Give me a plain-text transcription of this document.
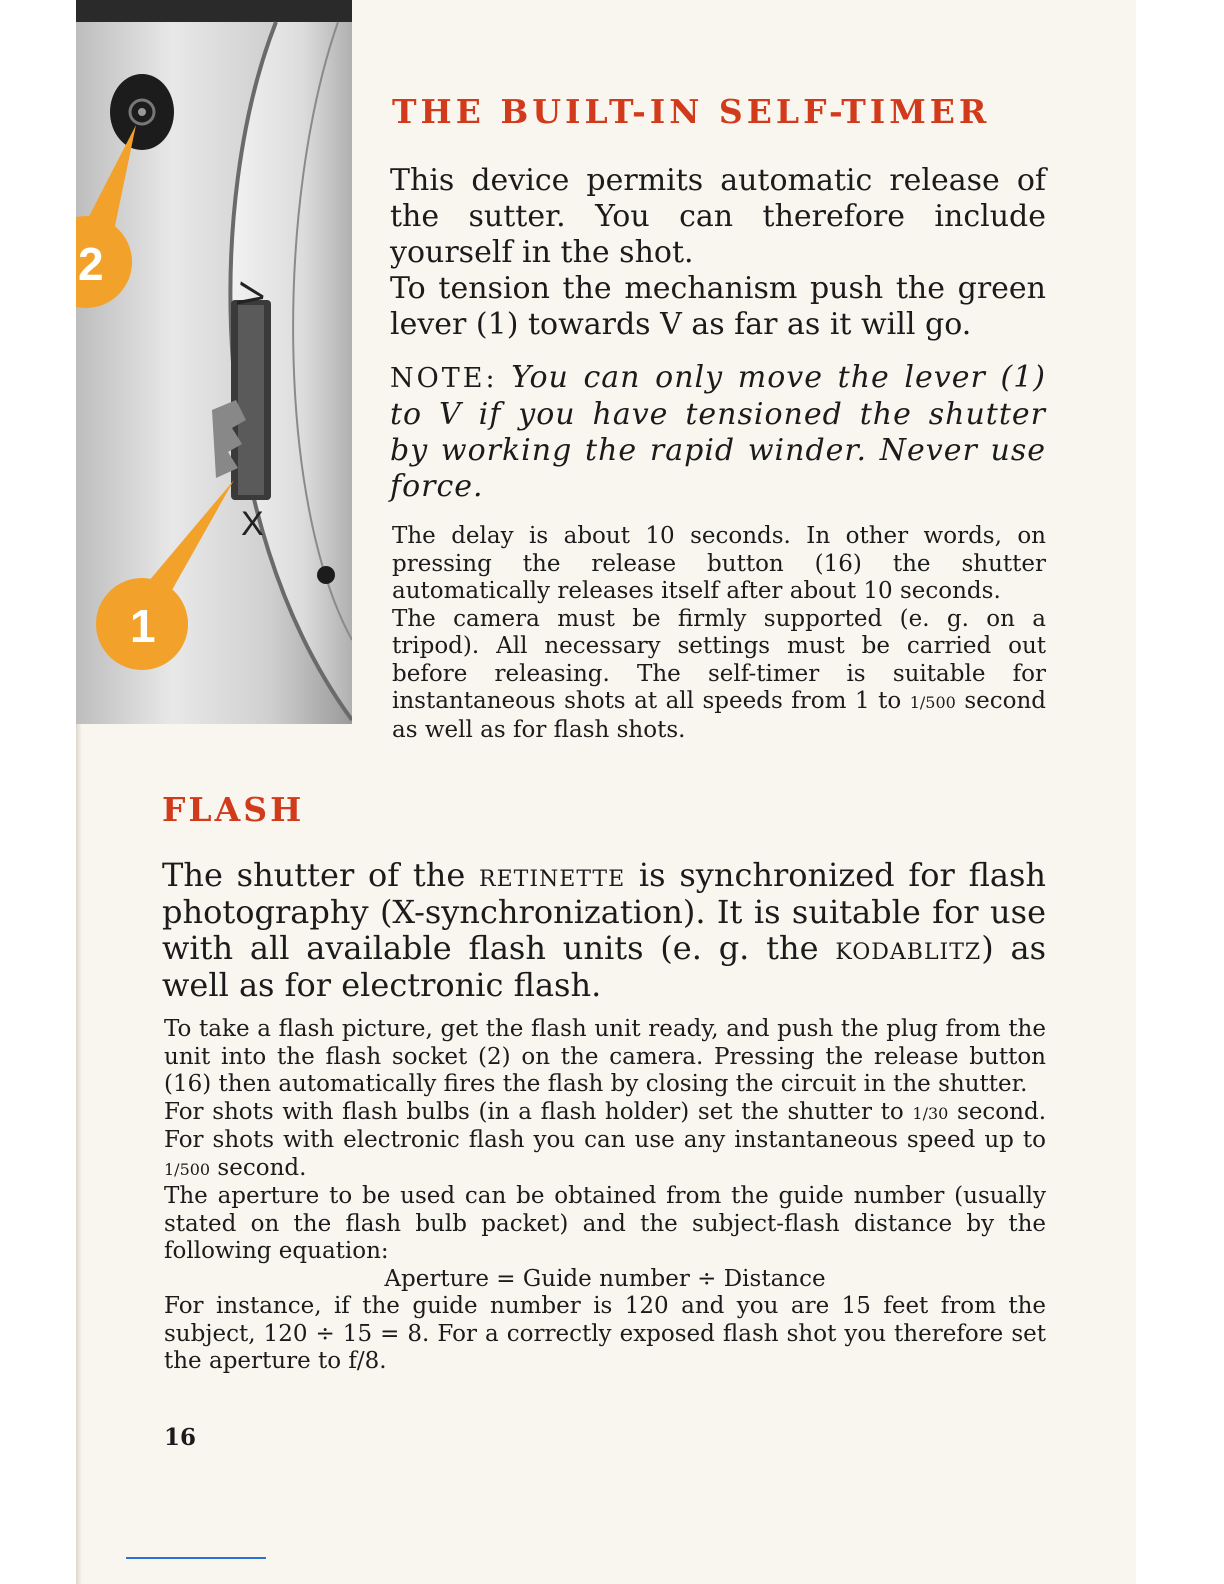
V
X
2
1
THE BUILT-IN SELF-TIMER

This device permits automatic release of the sutter. You can therefore include yourself in the shot.

To tension the mechanism push the green lever (1) towards V as far as it will go.

NOTE: You can only move the lever (1) to V if you have tensioned the shutter by working the rapid winder. Never use force.

The delay is about 10 seconds. In other words, on pressing the release button (16) the shutter automatically releases itself after about 10 seconds.

The camera must be firmly supported (e. g. on a tripod). All necessary settings must be carried out before releasing. The self-timer is suitable for instantaneous shots at all speeds from 1 to 1/500 second as well as for flash shots.

FLASH

The shutter of the retinette is synchronized for flash photography (X-synchronization). It is suitable for use with all available flash units (e. g. the kodablitz) as well as for electronic flash.

To take a flash picture, get the flash unit ready, and push the plug from the unit into the flash socket (2) on the camera. Pressing the release button (16) then automatically fires the flash by closing the circuit in the shutter.

For shots with flash bulbs (in a flash holder) set the shutter to 1/30 second. For shots with electronic flash you can use any instantaneous speed up to 1/500 second.

The aperture to be used can be obtained from the guide number (usually stated on the flash bulb packet) and the subject-flash distance by the following equation:

Aperture = Guide number ÷ Distance

For instance, if the guide number is 120 and you are 15 feet from the subject, 120 ÷ 15 = 8. For a correctly exposed flash shot you therefore set the aperture to f/8.

16
